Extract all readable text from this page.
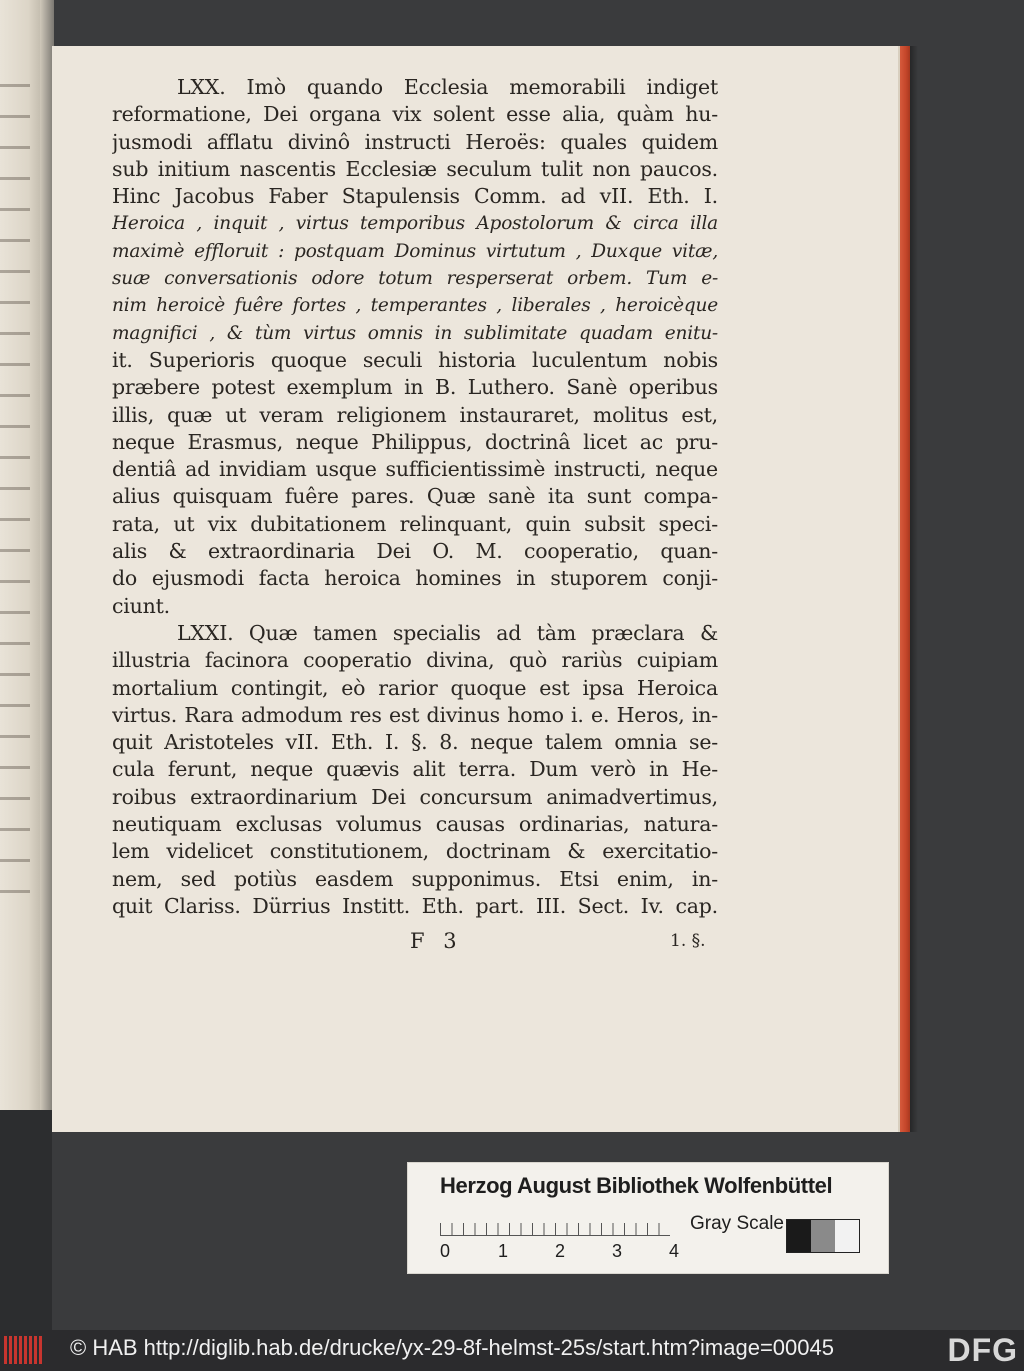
LXX. Imò quando Ecclesia memorabili indiget
reformatione, Dei organa vix solent esse alia, quàm hu-
jusmodi afflatu divinô instructi Heroës: quales quidem
sub initium nascentis Ecclesiæ seculum tulit non paucos.
Hinc Jacobus Faber Stapulensis Comm. ad vII. Eth. I.
Heroica , inquit , virtus temporibus Apostolorum & circa illa
maximè effloruit : postquam Dominus virtutum , Duxque vitæ,
suæ conversationis odore totum resperserat orbem. Tum e-
nim heroicè fuêre fortes , temperantes , liberales , heroicèque
magnifici , & tùm virtus omnis in sublimitate quadam enitu-
it. Superioris quoque seculi historia luculentum nobis
præbere potest exemplum in B. Luthero. Sanè operibus
illis, quæ ut veram religionem instauraret, molitus est,
neque Erasmus, neque Philippus, doctrinâ licet ac pru-
dentiâ ad invidiam usque sufficientissimè instructi, neque
alius quisquam fuêre pares. Quæ sanè ita sunt compa-
rata, ut vix dubitationem relinquant, quin subsit speci-
alis & extraordinaria Dei O. M. cooperatio, quan-
do ejusmodi facta heroica homines in stuporem conji-
ciunt.
LXXI. Quæ tamen specialis ad tàm præclara &
illustria facinora cooperatio divina, quò rariùs cuipiam
mortalium contingit, eò rarior quoque est ipsa Heroica
virtus. Rara admodum res est divinus homo i. e. Heros, in-
quit Aristoteles vII. Eth. I. §. 8. neque talem omnia se-
cula ferunt, neque quævis alit terra. Dum verò in He-
roibus extraordinarium Dei concursum animadvertimus,
neutiquam exclusas volumus causas ordinarias, natura-
lem videlicet constitutionem, doctrinam & exercitatio-
nem, sed potiùs easdem supponimus. Etsi enim, in-
quit Clariss. Dürrius Institt. Eth. part. III. Sect. Iv. cap.
F 3	1. §.
Herzog August Bibliothek Wolfenbüttel
0	1	2	3	4
Gray Scale
© HAB http://diglib.hab.de/drucke/yx-29-8f-helmst-25s/start.htm?image=00045	DFG
